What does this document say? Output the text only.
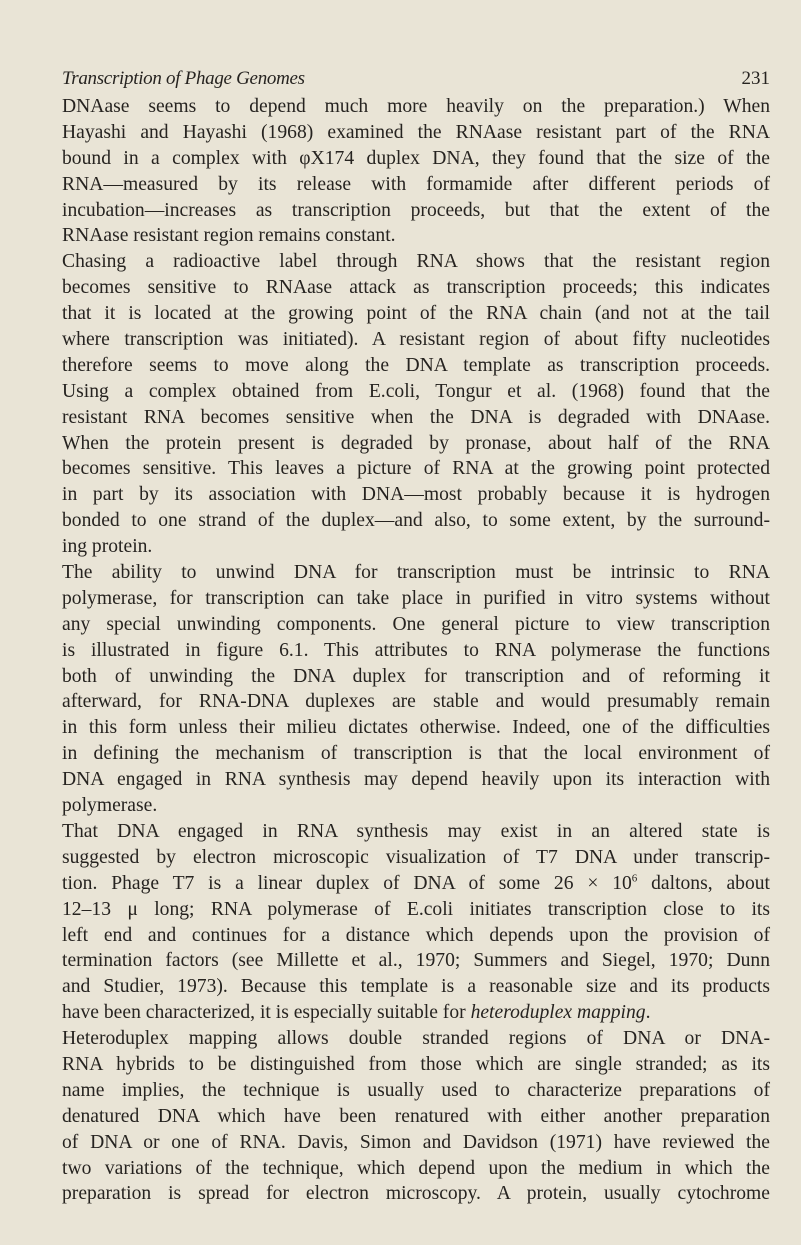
Transcription of Phage Genomes	231
DNAase seems to depend much more heavily on the preparation.) When
Hayashi and Hayashi (1968) examined the RNAase resistant part of the RNA
bound in a complex with φX174 duplex DNA, they found that the size of the
RNA—measured by its release with formamide after different periods of
incubation—increases as transcription proceeds, but that the extent of the
RNAase resistant region remains constant.
Chasing a radioactive label through RNA shows that the resistant region
becomes sensitive to RNAase attack as transcription proceeds; this indicates
that it is located at the growing point of the RNA chain (and not at the tail
where transcription was initiated). A resistant region of about fifty nucleotides
therefore seems to move along the DNA template as transcription proceeds.
Using a complex obtained from E.coli, Tongur et al. (1968) found that the
resistant RNA becomes sensitive when the DNA is degraded with DNAase.
When the protein present is degraded by pronase, about half of the RNA
becomes sensitive. This leaves a picture of RNA at the growing point protected
in part by its association with DNA—most probably because it is hydrogen
bonded to one strand of the duplex—and also, to some extent, by the surround-
ing protein.
The ability to unwind DNA for transcription must be intrinsic to RNA
polymerase, for transcription can take place in purified in vitro systems without
any special unwinding components. One general picture to view transcription
is illustrated in figure 6.1. This attributes to RNA polymerase the functions
both of unwinding the DNA duplex for transcription and of reforming it
afterward, for RNA-DNA duplexes are stable and would presumably remain
in this form unless their milieu dictates otherwise. Indeed, one of the difficulties
in defining the mechanism of transcription is that the local environment of
DNA engaged in RNA synthesis may depend heavily upon its interaction with
polymerase.
That DNA engaged in RNA synthesis may exist in an altered state is
suggested by electron microscopic visualization of T7 DNA under transcrip-
tion. Phage T7 is a linear duplex of DNA of some $26 \times 10^6$ daltons, about
12–13 μ long; RNA polymerase of E.coli initiates transcription close to its
left end and continues for a distance which depends upon the provision of
termination factors (see Millette et al., 1970; Summers and Siegel, 1970; Dunn
and Studier, 1973). Because this template is a reasonable size and its products
have been characterized, it is especially suitable for heteroduplex mapping.
Heteroduplex mapping allows double stranded regions of DNA or DNA-
RNA hybrids to be distinguished from those which are single stranded; as its
name implies, the technique is usually used to characterize preparations of
denatured DNA which have been renatured with either another preparation
of DNA or one of RNA. Davis, Simon and Davidson (1971) have reviewed the
two variations of the technique, which depend upon the medium in which the
preparation is spread for electron microscopy. A protein, usually cytochrome
